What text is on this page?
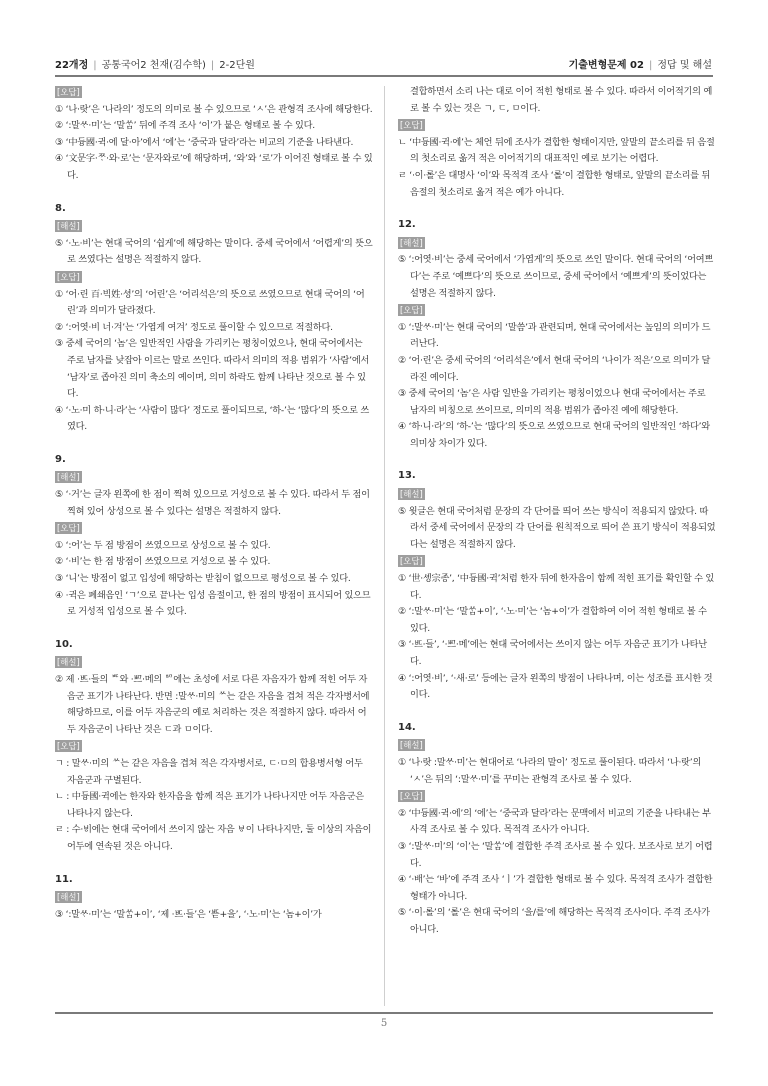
22개정 | 공통국어2 천재(김수학) | 2-2단원	기출변형문제 02 | 정답 및 해설
[오답]
① ‘나·랏’은 ‘나라의’ 정도의 의미로 볼 수 있으므로 ‘ㅅ’은 관형격 조사에 해당한다.
② ‘:말ᄊᆞ·미’는 ‘말ᄊᆞᆷ’ 뒤에 주격 조사 ‘이’가 붙은 형태로 볼 수 있다.
③ ‘中듕國·귁·에 달·아’에서 ‘에’는 ‘중국과 달라’라는 비교의 기준을 나타낸다.
④ ‘文문字·ᄍᆞ·와·로’는 ‘문자와로’에 해당하며, ‘와’와 ‘로’가 이어진 형태로 볼 수 있다.
8.
[해설]
⑤ ‘·노·비’는 현대 국어의 ‘쉽게’에 해당하는 말이다. 중세 국어에서 ‘어렵게’의 뜻으로 쓰였다는 설명은 적절하지 않다.
[오답]
① ‘어·린 百·빅姓·셩’의 ‘어린’은 ‘어리석은’의 뜻으로 쓰였으므로 현대 국어의 ‘어린’과 의미가 달라졌다.
② ‘:어엿·비 너·겨’는 ‘가엽게 여겨’ 정도로 풀이할 수 있으므로 적절하다.
③ 중세 국어의 ‘놈’은 일반적인 사람을 가리키는 평칭이었으나, 현대 국어에서는 주로 남자를 낮잡아 이르는 말로 쓰인다. 따라서 의미의 적용 범위가 ‘사람’에서 ‘남자’로 좁아진 의미 축소의 예이며, 의미 하락도 함께 나타난 것으로 볼 수 있다.
④ ‘·노·미 하·니·라’는 ‘사람이 많다’ 정도로 풀이되므로, ‘하-’는 ‘많다’의 뜻으로 쓰였다.
9.
[해설]
⑤ ‘·거’는 글자 왼쪽에 한 점이 찍혀 있으므로 거성으로 볼 수 있다. 따라서 두 점이 찍혀 있어 상성으로 볼 수 있다는 설명은 적절하지 않다.
[오답]
① ‘:어’는 두 점 방점이 쓰였으므로 상성으로 볼 수 있다.
② ‘·비’는 한 점 방점이 쓰였으므로 거성으로 볼 수 있다.
③ ‘니’는 방점이 없고 입성에 해당하는 받침이 없으므로 평성으로 볼 수 있다.
④ ·귁은 폐쇄음인 ‘ㄱ’으로 끝나는 입성 음절이고, 한 점의 방점이 표시되어 있으므로 거성적 입성으로 볼 수 있다.
10.
[해설]
② 제 ·ᄠᅳ·들의 ᄠ와 ·ᄢᅳ·메의 ᄢ에는 초성에 서로 다른 자음자가 함께 적힌 어두 자음군 표기가 나타난다. 반면 :말ᄊᆞ·미의 ᄊ는 같은 자음을 겹쳐 적은 각자병서에 해당하므로, 이를 어두 자음군의 예로 처리하는 것은 적절하지 않다. 따라서 어두 자음군이 나타난 것은 ㄷ과 ㅁ이다.
[오답]
ㄱ : 말ᄊᆞ·미의 ᄊ는 같은 자음을 겹쳐 적은 각자병서로, ㄷ·ㅁ의 합용병서형 어두 자음군과 구별된다.
ㄴ : 中듕國·귁에는 한자와 한자음을 함께 적은 표기가 나타나지만 어두 자음군은 나타나지 않는다.
ㄹ : 수·ᄫᅵ에는 현대 국어에서 쓰이지 않는 자음 ㅸ이 나타나지만, 둘 이상의 자음이 어두에 연속된 것은 아니다.
11.
[해설]
③ ‘:말ᄊᆞ·미’는 ‘말ᄊᆞᆷ+이’, ‘제 ·ᄠᅳ·들’은 ‘ᄠᅳᆮ+을’, ‘·노·미’는 ‘놈+이’가
결합하면서 소리 나는 대로 이어 적힌 형태로 볼 수 있다. 따라서 이어적기의 예로 볼 수 있는 것은 ㄱ, ㄷ, ㅁ이다.
[오답]
ㄴ ‘中듕國·귁·에’는 체언 뒤에 조사가 결합한 형태이지만, 앞말의 끝소리를 뒤 음절의 첫소리로 옮겨 적은 이어적기의 대표적인 예로 보기는 어렵다.
ㄹ ‘·이·롤’은 대명사 ‘이’와 목적격 조사 ‘롤’이 결합한 형태로, 앞말의 끝소리를 뒤 음절의 첫소리로 옮겨 적은 예가 아니다.
12.
[해설]
⑤ ‘:어엿·비’는 중세 국어에서 ‘가엽게’의 뜻으로 쓰인 말이다. 현대 국어의 ‘어여쁘다’는 주로 ‘예쁘다’의 뜻으로 쓰이므로, 중세 국어에서 ‘예쁘게’의 뜻이었다는 설명은 적절하지 않다.
[오답]
① ‘:말ᄊᆞ·미’는 현대 국어의 ‘말씀’과 관련되며, 현대 국어에서는 높임의 의미가 드러난다.
② ‘어·린’은 중세 국어의 ‘어리석은’에서 현대 국어의 ‘나이가 적은’으로 의미가 달라진 예이다.
③ 중세 국어의 ‘놈’은 사람 일반을 가리키는 평칭이었으나 현대 국어에서는 주로 남자의 비칭으로 쓰이므로, 의미의 적용 범위가 좁아진 예에 해당한다.
④ ‘하·니·라’의 ‘하-’는 ‘많다’의 뜻으로 쓰였으므로 현대 국어의 일반적인 ‘하다’와 의미상 차이가 있다.
13.
[해설]
⑤ 윗글은 현대 국어처럼 문장의 각 단어를 띄어 쓰는 방식이 적용되지 않았다. 따라서 중세 국어에서 문장의 각 단어를 원칙적으로 띄어 쓴 표기 방식이 적용되었다는 설명은 적절하지 않다.
[오답]
① ‘世·솅宗종’, ‘中듕國·귁’처럼 한자 뒤에 한자음이 함께 적힌 표기를 확인할 수 있다.
② ‘:말ᄊᆞ·미’는 ‘말ᄊᆞᆷ+이’, ‘·노·미’는 ‘놈+이’가 결합하여 이어 적힌 형태로 볼 수 있다.
③ ‘·ᄠᅳ·들’, ‘·ᄢᅳ·메’에는 현대 국어에서는 쓰이지 않는 어두 자음군 표기가 나타난다.
④ ‘:어엿·비’, ‘·새·로’ 등에는 글자 왼쪽의 방점이 나타나며, 이는 성조를 표시한 것이다.
14.
[해설]
① ‘나·랏 :말ᄊᆞ·미’는 현대어로 ‘나라의 말이’ 정도로 풀이된다. 따라서 ‘나·랏’의 ‘ㅅ’은 뒤의 ‘:말ᄊᆞ·미’를 꾸미는 관형격 조사로 볼 수 있다.
[오답]
② ‘中듕國·귁·에’의 ‘에’는 ‘중국과 달라’라는 문맥에서 비교의 기준을 나타내는 부사격 조사로 볼 수 있다. 목적격 조사가 아니다.
③ ‘:말ᄊᆞ·미’의 ‘이’는 ‘말ᄊᆞᆷ’에 결합한 주격 조사로 볼 수 있다. 보조사로 보기 어렵다.
④ ‘·배’는 ‘바’에 주격 조사 ‘ㅣ’가 결합한 형태로 볼 수 있다. 목적격 조사가 결합한 형태가 아니다.
⑤ ‘·이·롤’의 ‘롤’은 현대 국어의 ‘을/를’에 해당하는 목적격 조사이다. 주격 조사가 아니다.
5
